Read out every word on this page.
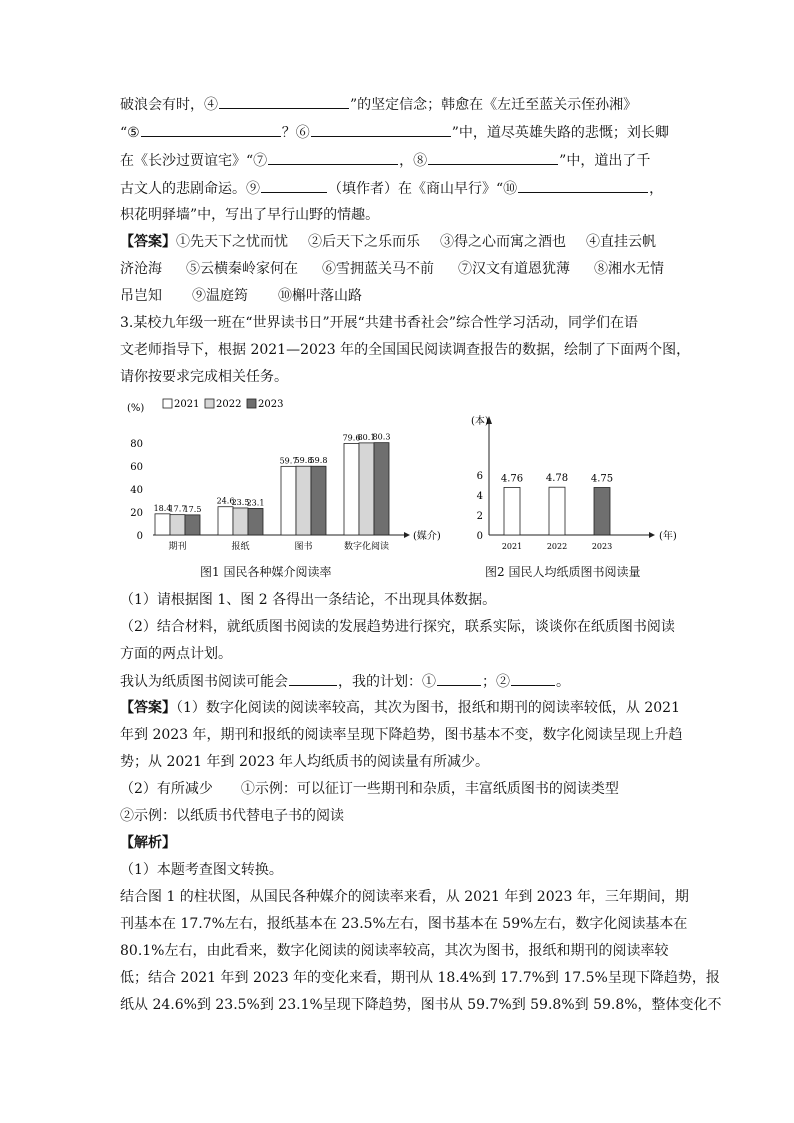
破浪会有时，④	”的坚定信念；韩愈在《左迁至蓝关示侄孙湘》
“⑤	？⑥	”中，道尽英雄失路的悲慨；刘长卿
在《长沙过贾谊宅》“⑦	，⑧	”中，道出了千
古文人的悲剧命运。⑨	（填作者）在《商山早行》“⑩	，
枳花明驿墙”中，写出了早行山野的情趣。
【答案】①先天下之忧而忧 ②后天下之乐而乐 ③得之心而寓之酒也 ④直挂云帆
济沧海 ⑤云横秦岭家何在 ⑥雪拥蓝关马不前 ⑦汉文有道恩犹薄 ⑧湘水无情
吊岂知 ⑨温庭筠 ⑩槲叶落山路
3.某校九年级一班在“世界读书日”开展“共建书香社会”综合性学习活动，同学们在语
文老师指导下，根据 2021—2023 年的全国国民阅读调查报告的数据，绘制了下面两个图，
请你按要求完成相关任务。
(媒介)
(%)
0
20
40
60
80
2021 2022 2023
18.4
17.7
17.5
期刊
24.6
23.5
23.1
报纸
59.7
59.8
59.8
图书
79.6
80.1
80.3
数字化阅读
图1 国民各种媒介阅读率
(年)
(本)
0
2
4
6 4.76
2021
4.78
2022
4.75
2023
图2 国民人均纸质图书阅读量
（1）请根据图 1、图 2 各得出一条结论，不出现具体数据。
（2）结合材料，就纸质图书阅读的发展趋势进行探究，联系实际，谈谈你在纸质图书阅读
方面的两点计划。
我认为纸质图书阅读可能会	，我的计划：①	；②	。
【答案】（1）数字化阅读的阅读率较高，其次为图书，报纸和期刊的阅读率较低，从 2021
年到 2023 年，期刊和报纸的阅读率呈现下降趋势，图书基本不变，数字化阅读呈现上升趋
势；从 2021 年到 2023 年人均纸质书的阅读量有所减少。
（2）有所减少　　①示例：可以征订一些期刊和杂质，丰富纸质图书的阅读类型
②示例：以纸质书代替电子书的阅读
【解析】
（1）本题考查图文转换。
结合图 1 的柱状图，从国民各种媒介的阅读率来看，从 2021 年到 2023 年，三年期间，期
刊基本在 17.7%左右，报纸基本在 23.5%左右，图书基本在 59%左右，数字化阅读基本在
80.1%左右，由此看来，数字化阅读的阅读率较高，其次为图书，报纸和期刊的阅读率较
低；结合 2021 年到 2023 年的变化来看，期刊从 18.4%到 17.7%到 17.5%呈现下降趋势，报
纸从 24.6%到 23.5%到 23.1%呈现下降趋势，图书从 59.7%到 59.8%到 59.8%，整体变化不
